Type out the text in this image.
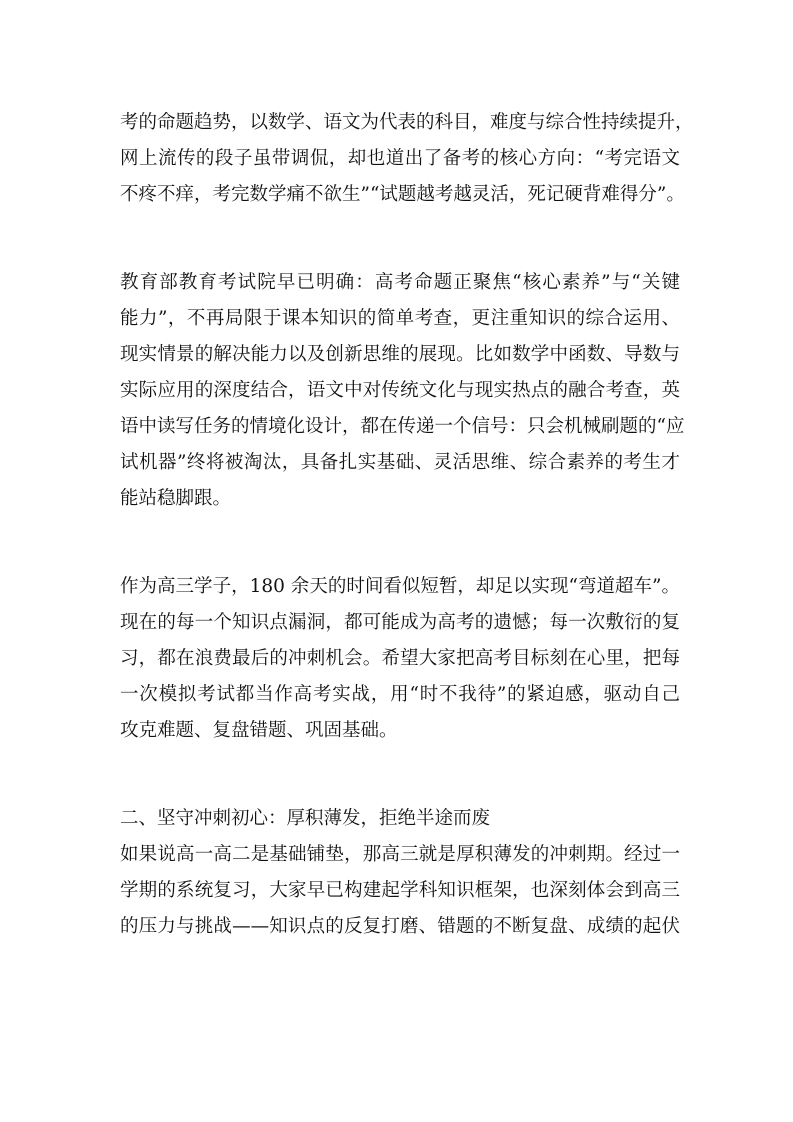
考的命题趋势，以数学、语文为代表的科目，难度与综合性持续提升，
网上流传的段子虽带调侃，却也道出了备考的核心方向：“考完语文
不疼不痒，考完数学痛不欲生”“试题越考越灵活，死记硬背难得分”。
教育部教育考试院早已明确：高考命题正聚焦“核心素养”与“关键
能力”，不再局限于课本知识的简单考查，更注重知识的综合运用、
现实情景的解决能力以及创新思维的展现。比如数学中函数、导数与
实际应用的深度结合，语文中对传统文化与现实热点的融合考查，英
语中读写任务的情境化设计，都在传递一个信号：只会机械刷题的“应
试机器”终将被淘汰，具备扎实基础、灵活思维、综合素养的考生才
能站稳脚跟。
作为高三学子，180 余天的时间看似短暂，却足以实现“弯道超车”。
现在的每一个知识点漏洞，都可能成为高考的遗憾；每一次敷衍的复
习，都在浪费最后的冲刺机会。希望大家把高考目标刻在心里，把每
一次模拟考试都当作高考实战，用“时不我待”的紧迫感，驱动自己
攻克难题、复盘错题、巩固基础。
二、坚守冲刺初心：厚积薄发，拒绝半途而废
如果说高一高二是基础铺垫，那高三就是厚积薄发的冲刺期。经过一
学期的系统复习，大家早已构建起学科知识框架，也深刻体会到高三
的压力与挑战——知识点的反复打磨、错题的不断复盘、成绩的起伏
